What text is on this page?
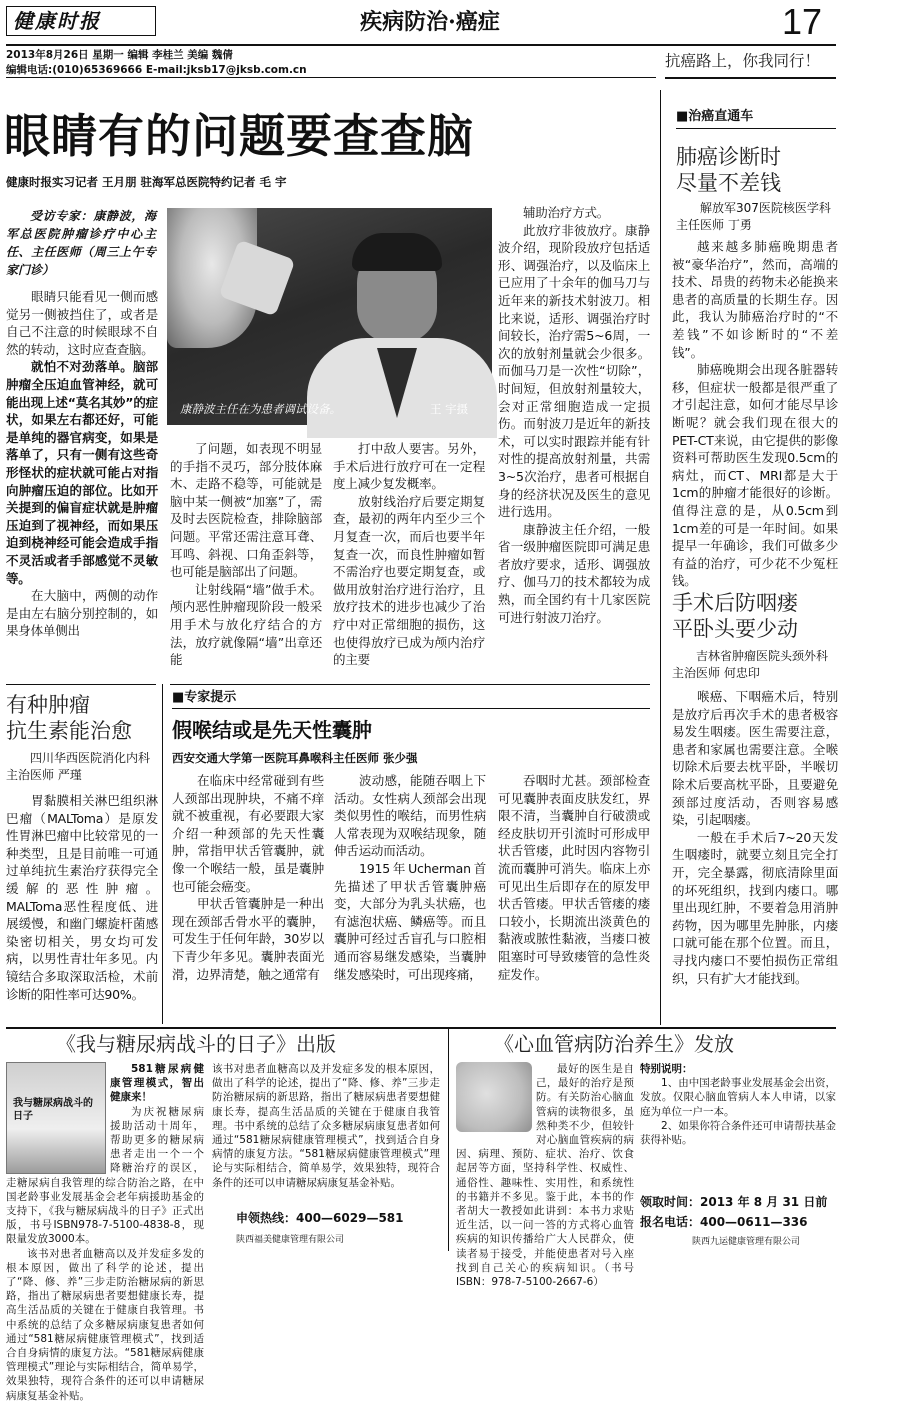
健康时报	疾病防治·癌症	17
2013年8月26日 星期一 编辑 李桂兰 美编 魏倩
编辑电话:(010)65369666 E-mail:jksb17@jksb.com.cn	抗癌路上，你我同行！
眼睛有的问题要查查脑
健康时报实习记者 王月朋 驻海军总医院特约记者 毛 宇
受访专家：康静波，海军总医院肿瘤诊疗中心主任、主任医师（周三上午专家门诊）
康静波主任在为患者调试设备。	王 宇摄

眼睛只能看见一侧而感觉另一侧被挡住了，或者是自己不注意的时候眼球不自然的转动，这时应查查脑。

就怕不对劲落单。脑部肿瘤全压迫血管神经，就可能出现上述“莫名其妙”的症状，如果左右都还好，可能是单纯的器官病变，如果是落单了，只有一侧有这些奇形怪状的症状就可能占对指向肿瘤压迫的部位。比如开关提到的偏盲症状就是肿瘤压迫到了视神经，而如果压迫到桡神经可能会造成手指不灵活或者手部感觉不灵敏等。

在大脑中，两侧的动作是由左右脑分别控制的，如果身体单侧出

了问题，如表现不明显的手指不灵巧，部分肢体麻木、走路不稳等，可能就是脑中某一侧被“加塞”了，需及时去医院检查，排除脑部问题。平常还需注意耳聋、耳鸣、斜视、口角歪斜等，也可能是脑部出了问题。

让射线隔“墙”做手术。颅内恶性肿瘤现阶段一般采用手术与放化疗结合的方法，放疗就像隔“墙”出章还能

打中敌人要害。另外，手术后进行放疗可在一定程度上减少复发概率。

放射线治疗后要定期复查，最初的两年内至少三个月复查一次，而后也要半年复查一次，而良性肿瘤如暂不需治疗也要定期复查，或做用放射治疗进行治疗，且放疗技术的进步也减少了治疗中对正常细胞的损伤，这也使得放疗已成为颅内治疗的主要

辅助治疗方式。

此放疗非彼放疗。康静波介绍，现阶段放疗包括适形、调强治疗，以及临床上已应用了十余年的伽马刀与近年来的新技术射波刀。相比来说，适形、调强治疗时间较长，治疗需5~6周，一次的放射剂量就会少很多。而伽马刀是一次性“切除”，时间短，但放射剂量较大，会对正常细胞造成一定损伤。而射波刀是近年的新技术，可以实时跟踪并能有针对性的提高放射剂量，共需3~5次治疗，患者可根据自身的经济状况及医生的意见进行选用。

康静波主任介绍，一般省一级肿瘤医院即可满足患者放疗要求，适形、调强放疗、伽马刀的技术都较为成熟，而全国约有十几家医院可进行射波刀治疗。

■治癌直通车
肺癌诊断时
尽量不差钱
解放军307医院核医学科主任医师 丁勇

越来越多肺癌晚期患者被“豪华治疗”，然而，高端的技术、昂贵的药物未必能换来患者的高质量的长期生存。因此，我认为肺癌治疗时的“不差钱”不如诊断时的“不差钱”。

肺癌晚期会出现各脏器转移，但症状一般都是很严重了才引起注意，如何才能尽早诊断呢？就会我们现在很大的PET-CT来说，由它提供的影像资料可帮助医生发现0.5cm的病灶，而CT、MRI都是大于1cm的肿瘤才能很好的诊断。值得注意的是，从0.5cm到1cm差的可是一年时间。如果提早一年确诊，我们可做多少有益的治疗，可少花不少冤枉钱。

手术后防咽瘘
平卧头要少动
吉林省肿瘤医院头颈外科主治医师 何忠印

喉癌、下咽癌术后，特别是放疗后再次手术的患者极容易发生咽瘘。医生需要注意，患者和家属也需要注意。全喉切除术后要去枕平卧，半喉切除术后要高枕平卧，且要避免颈部过度活动，否则容易感染，引起咽瘘。

一般在手术后7~20天发生咽瘘时，就要立刻且完全打开，完全暴露，彻底清除里面的坏死组织，找到内瘘口。哪里出现红肿，不要着急用消肿药物，因为哪里先肿胀，内瘘口就可能在那个位置。而且，寻找内瘘口不要怕损伤正常组织，只有扩大才能找到。

有种肿瘤
抗生素能治愈
四川华西医院消化内科主治医师 严瑾

胃黏膜相关淋巴组织淋巴瘤（MALToma）是原发性胃淋巴瘤中比较常见的一种类型，且是目前唯一可通过单纯抗生素治疗获得完全缓解的恶性肿瘤。MALToma恶性程度低、进展缓慢，和幽门螺旋杆菌感染密切相关，男女均可发病，以男性青壮年多见。内镜结合多取深取活检，术前诊断的阳性率可达90%。

■专家提示
假喉结或是先天性囊肿
西安交通大学第一医院耳鼻喉科主任医师 张少强

在临床中经常碰到有些人颈部出现肿块，不痛不痒就不被重视，有必要跟大家介绍一种颈部的先天性囊肿，常指甲状舌管囊肿，就像一个喉结一般，虽是囊肿也可能会癌变。

甲状舌管囊肿是一种出现在颈部舌骨水平的囊肿，可发生于任何年龄，30岁以下青少年多见。囊肿表面光滑，边界清楚，触之通常有

波动感，能随吞咽上下活动。女性病人颈部会出现类似男性的喉结，而男性病人常表现为双喉结现象，随伸舌运动而活动。

1915年Ucherman首先描述了甲状舌管囊肿癌变，大部分为乳头状癌，也有滤泡状癌、鳞癌等。而且囊肿可经过舌盲孔与口腔相通而容易继发感染，当囊肿继发感染时，可出现疼痛，

吞咽时尤甚。颈部检查可见囊肿表面皮肤发红，界限不清，当囊肿自行破溃或经皮肤切开引流时可形成甲状舌管瘘，此时因内容物引流而囊肿可消失。临床上亦可见出生后即存在的原发甲状舌管瘘。甲状舌管瘘的瘘口较小，长期流出淡黄色的黏液或脓性黏液，当瘘口被阻塞时可导致瘘管的急性炎症发作。

《我与糖尿病战斗的日子》出版
我与糖尿病战斗的日子

581糖尿病健康管理模式，智出健康来！

为庆祝糖尿病援助活动十周年，帮助更多的糖尿病患者走出一个一个降糖治疗的误区，走糖尿病自我管理的综合防治之路，在中国老龄事业发展基金会老年病援助基金的支持下，《我与糖尿病战斗的日子》正式出版，书号ISBN978-7-5100-4838-8，现限量发放3000本。

该书对患者血糖高以及并发症多发的根本原因，做出了科学的论述，提出了“降、修、养”三步走防治糖尿病的新思路，指出了糖尿病患者要想健康长寿，提高生活品质的关键在于健康自我管理。书中系统的总结了众多糖尿病康复患者如何通过“581糖尿病健康管理模式”，找到适合自身病情的康复方法。“581糖尿病健康管理模式”理论与实际相结合，简单易学，效果独特，现符合条件的还可以申请糖尿病康复基金补贴。

该书对患者血糖高以及并发症多发的根本原因，做出了科学的论述，提出了“降、修、养”三步走防治糖尿病的新思路，指出了糖尿病患者要想健康长寿，提高生活品质的关键在于健康自我管理。书中系统的总结了众多糖尿病康复患者如何通过“581糖尿病健康管理模式”，找到适合自身病情的康复方法。“581糖尿病健康管理模式”理论与实际相结合，简单易学，效果独特，现符合条件的还可以申请糖尿病康复基金补贴。

申领热线：400—6029—581
陕西福美健康管理有限公司
《心血管病防治养生》发放

最好的医生是自己，最好的治疗是预防。有关防治心脑血管病的读物很多，虽然种类不少，但较针对心脑血管疾病的病因、病理、预防、症状、治疗、饮食起居等方面，坚持科学性、权威性、通俗性、趣味性、实用性，和系统性的书籍并不多见。鉴于此，本书的作者胡大一教授如此讲到：本书力求贴近生活，以一问一答的方式将心血管疾病的知识传播给广大人民群众，使读者易于接受，并能使患者对号入座找到自己关心的疾病知识。（书号ISBN：978-7-5100-2667-6）

特别说明：

1、由中国老龄事业发展基金会出资，发放。仅限心脑血管病人本人申请，以家庭为单位一户一本。

2、如果你符合条件还可申请帮扶基金获得补贴。

领取时间：2013 年 8 月 31 日前
报名电话：400—0611—336
陕西九运健康管理有限公司
